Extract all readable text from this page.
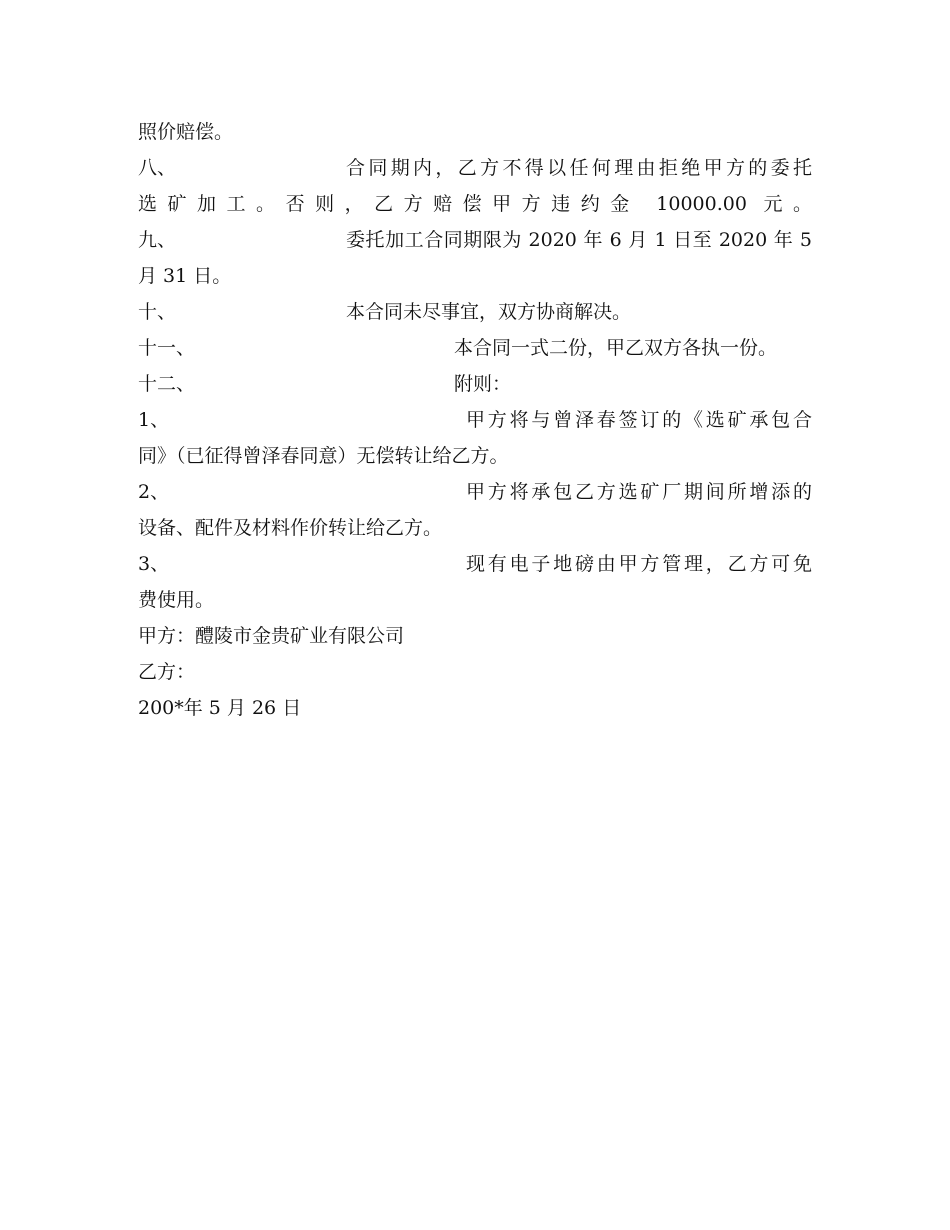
照价赔偿。
八、	合同期内，乙方不得以任何理由拒绝甲方的委托
选矿加工。否则，乙方赔偿甲方违约金 10000.00 元。
九、	委托加工合同期限为 2020 年 6 月 1 日至 2020 年 5
月 31 日。
十、	本合同未尽事宜，双方协商解决。
十一、	本合同一式二份，甲乙双方各执一份。
十二、	附则：
1、	甲方将与曾泽春签订的《选矿承包合
同》（已征得曾泽春同意）无偿转让给乙方。
2、	甲方将承包乙方选矿厂期间所增添的
设备、配件及材料作价转让给乙方。
3、	现有电子地磅由甲方管理，乙方可免
费使用。
甲方：醴陵市金贵矿业有限公司
乙方：
200*年 5 月 26 日
